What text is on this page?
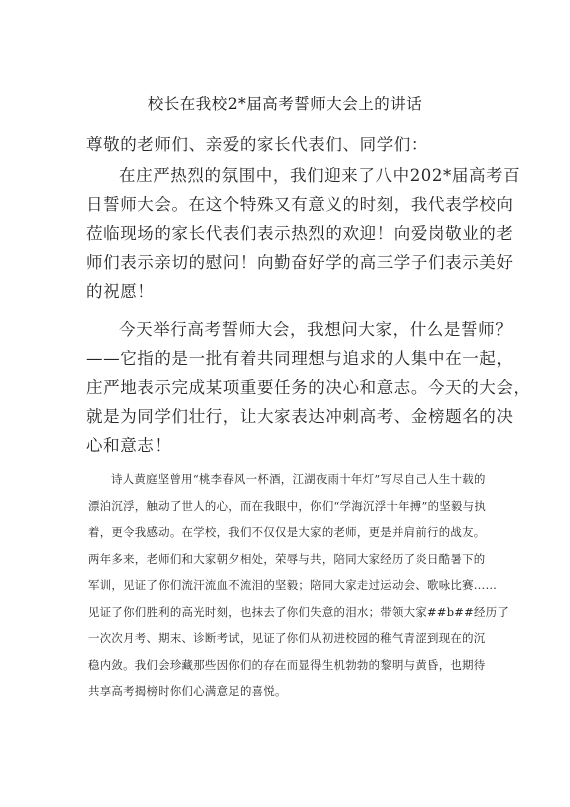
校长在我校2*届高考誓师大会上的讲话
尊敬的老师们、亲爱的家长代表们、同学们：
在庄严热烈的氛围中，我们迎来了八中202*届高考百
日誓师大会。在这个特殊又有意义的时刻，我代表学校向
莅临现场的家长代表们表示热烈的欢迎！向爱岗敬业的老
师们表示亲切的慰问！向勤奋好学的高三学子们表示美好
的祝愿！
今天举行高考誓师大会，我想问大家，什么是誓师？
——它指的是一批有着共同理想与追求的人集中在一起，
庄严地表示完成某项重要任务的决心和意志。今天的大会，
就是为同学们壮行，让大家表达冲刺高考、金榜题名的决
心和意志！
诗人黄庭坚曾用“桃李春风一杯酒，江湖夜雨十年灯”写尽自己人生十载的
漂泊沉浮，触动了世人的心，而在我眼中，你们“学海沉浮十年搏”的坚毅与执
着，更令我感动。在学校，我们不仅仅是大家的老师，更是并肩前行的战友。
两年多来，老师们和大家朝夕相处，荣辱与共，陪同大家经历了炎日酷暑下的
军训，见证了你们流汗流血不流泪的坚毅；陪同大家走过运动会、歌咏比赛……
见证了你们胜利的高光时刻，也抹去了你们失意的泪水；带领大家##b##经历了
一次次月考、期末、诊断考试，见证了你们从初进校园的稚气青涩到现在的沉
稳内敛。我们会珍藏那些因你们的存在而显得生机勃勃的黎明与黄昏，也期待
共享高考揭榜时你们心满意足的喜悦。
